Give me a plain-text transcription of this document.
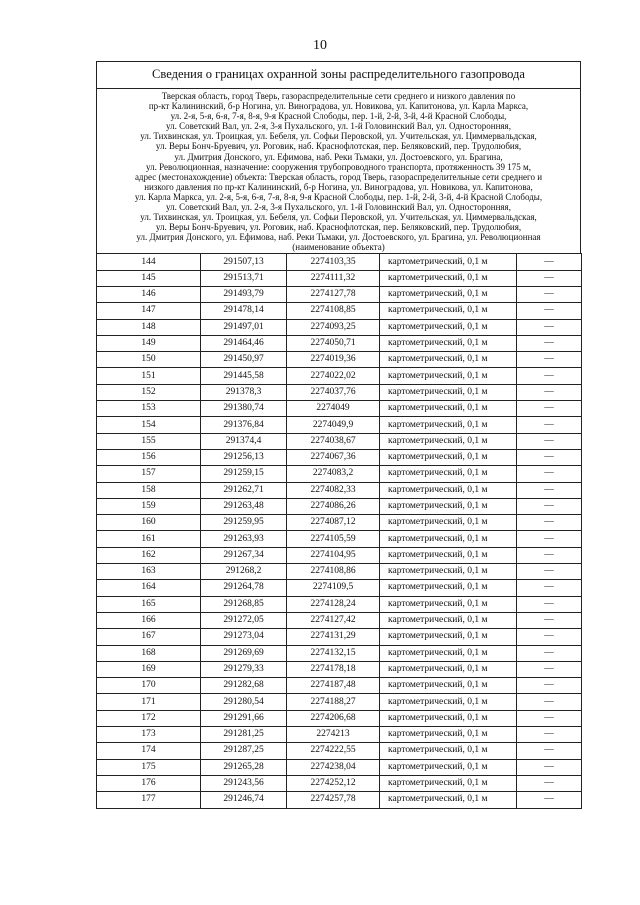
10
Сведения о границах охранной зоны распределительного газопровода
Тверская область, город Тверь, газораспределительные сети среднего и низкого давления по
пр-кт Калининский, б-р Ногина, ул. Виноградова, ул. Новикова, ул. Капитонова, ул. Карла Маркса,
ул. 2-я, 5-я, 6-я, 7-я, 8-я, 9-я Красной Слободы, пер. 1-й, 2-й, 3-й, 4-й Красной Слободы,
ул. Советский Вал, ул. 2-я, 3-я Пухальского, ул. 1-й Головинский Вал, ул. Односторонняя,
ул. Тихвинская, ул. Троицкая, ул. Бебеля, ул. Софьи Перовской, ул. Учительская, ул. Циммервальдская,
ул. Веры Бонч-Бруевич, ул. Роговик, наб. Краснофлотская, пер. Беляковский, пер. Трудолюбия,
ул. Дмитрия Донского, ул. Ефимова, наб. Реки Тьмаки, ул. Достоевского, ул. Брагина,
ул. Революционная, назначение: сооружения трубопроводного транспорта, протяженность 39 175 м,
адрес (местонахождение) объекта: Тверская область, город Тверь, газораспределительные сети среднего и
низкого давления по пр-кт Калининский, б-р Ногина, ул. Виноградова, ул. Новикова, ул. Капитонова,
ул. Карла Маркса, ул. 2-я, 5-я, 6-я, 7-я, 8-я, 9-я Красной Слободы, пер. 1-й, 2-й, 3-й, 4-й Красной Слободы,
ул. Советский Вал, ул. 2-я, 3-я Пухальского, ул. 1-й Головинский Вал, ул. Односторонняя,
ул. Тихвинская, ул. Троицкая, ул. Бебеля, ул. Софьи Перовской, ул. Учительская, ул. Циммервальдская,
ул. Веры Бонч-Бруевич, ул. Роговик, наб. Краснофлотская, пер. Беляковский, пер. Трудолюбия,
ул. Дмитрия Донского, ул. Ефимова, наб. Реки Тьмаки, ул. Достоевского, ул. Брагина, ул. Революционная
(наименование объекта)
144	291507,13	2274103,35	картометрический, 0,1 м	—
145	291513,71	2274111,32	картометрический, 0,1 м	—
146	291493,79	2274127,78	картометрический, 0,1 м	—
147	291478,14	2274108,85	картометрический, 0,1 м	—
148	291497,01	2274093,25	картометрический, 0,1 м	—
149	291464,46	2274050,71	картометрический, 0,1 м	—
150	291450,97	2274019,36	картометрический, 0,1 м	—
151	291445,58	2274022,02	картометрический, 0,1 м	—
152	291378,3	2274037,76	картометрический, 0,1 м	—
153	291380,74	2274049	картометрический, 0,1 м	—
154	291376,84	2274049,9	картометрический, 0,1 м	—
155	291374,4	2274038,67	картометрический, 0,1 м	—
156	291256,13	2274067,36	картометрический, 0,1 м	—
157	291259,15	2274083,2	картометрический, 0,1 м	—
158	291262,71	2274082,33	картометрический, 0,1 м	—
159	291263,48	2274086,26	картометрический, 0,1 м	—
160	291259,95	2274087,12	картометрический, 0,1 м	—
161	291263,93	2274105,59	картометрический, 0,1 м	—
162	291267,34	2274104,95	картометрический, 0,1 м	—
163	291268,2	2274108,86	картометрический, 0,1 м	—
164	291264,78	2274109,5	картометрический, 0,1 м	—
165	291268,85	2274128,24	картометрический, 0,1 м	—
166	291272,05	2274127,42	картометрический, 0,1 м	—
167	291273,04	2274131,29	картометрический, 0,1 м	—
168	291269,69	2274132,15	картометрический, 0,1 м	—
169	291279,33	2274178,18	картометрический, 0,1 м	—
170	291282,68	2274187,48	картометрический, 0,1 м	—
171	291280,54	2274188,27	картометрический, 0,1 м	—
172	291291,66	2274206,68	картометрический, 0,1 м	—
173	291281,25	2274213	картометрический, 0,1 м	—
174	291287,25	2274222,55	картометрический, 0,1 м	—
175	291265,28	2274238,04	картометрический, 0,1 м	—
176	291243,56	2274252,12	картометрический, 0,1 м	—
177	291246,74	2274257,78	картометрический, 0,1 м	—
